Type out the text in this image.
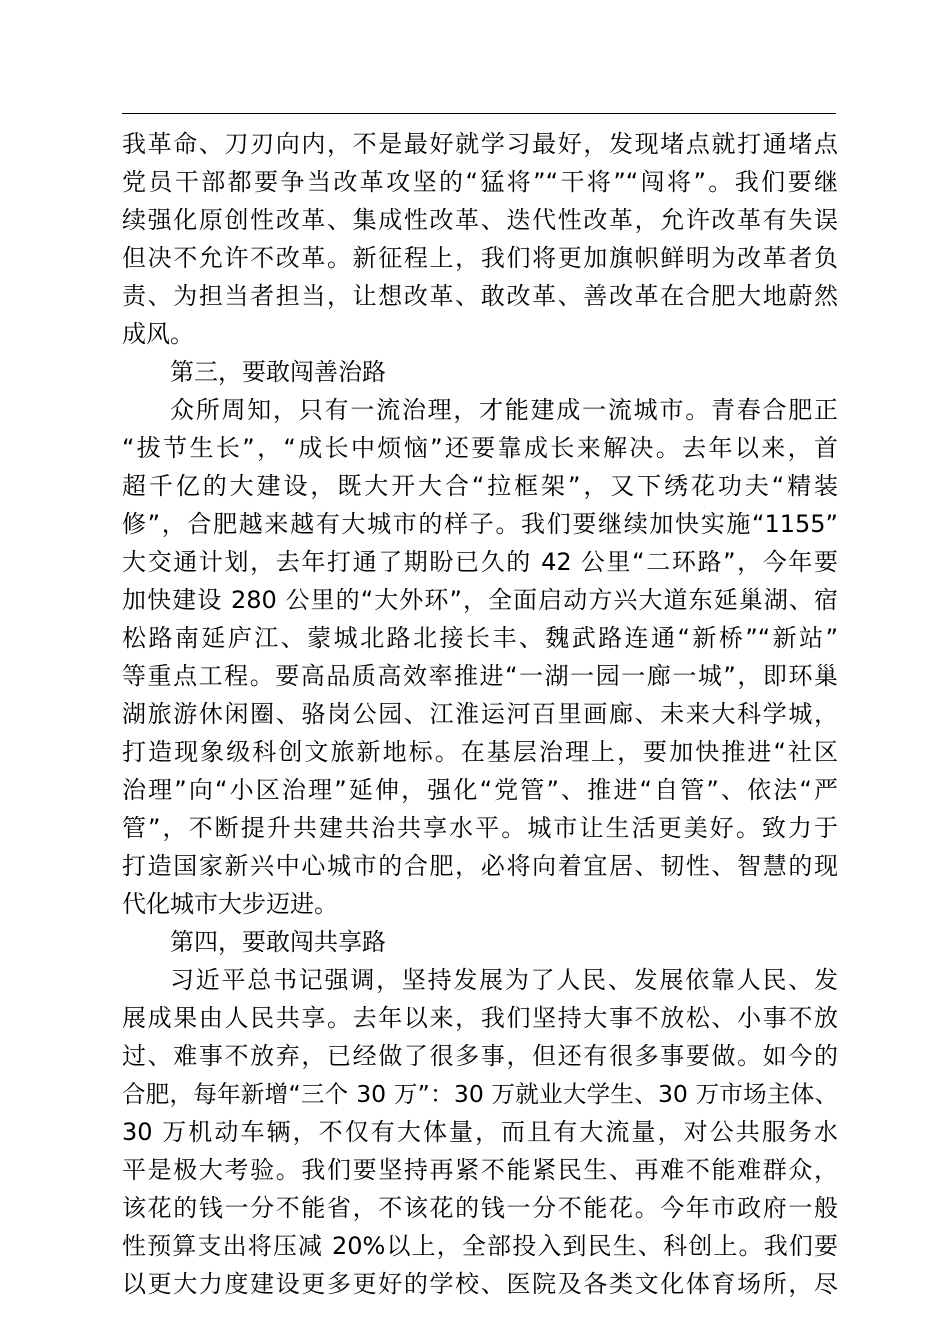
我革命、刀刃向内，不是最好就学习最好，发现堵点就打通堵点
党员干部都要争当改革攻坚的“猛将”“干将”“闯将”。我们要继
续强化原创性改革、集成性改革、迭代性改革，允许改革有失误
但决不允许不改革。新征程上，我们将更加旗帜鲜明为改革者负
责、为担当者担当，让想改革、敢改革、善改革在合肥大地蔚然
成风。
第三，要敢闯善治路
众所周知，只有一流治理，才能建成一流城市。青春合肥正
“拔节生长”，“成长中烦恼”还要靠成长来解决。去年以来，首
超千亿的大建设，既大开大合“拉框架”，又下绣花功夫“精装
修”，合肥越来越有大城市的样子。我们要继续加快实施“1155”
大交通计划，去年打通了期盼已久的 42 公里“二环路”，今年要
加快建设 280 公里的“大外环”，全面启动方兴大道东延巢湖、宿
松路南延庐江、蒙城北路北接长丰、魏武路连通“新桥”“新站”
等重点工程。要高品质高效率推进“一湖一园一廊一城”，即环巢
湖旅游休闲圈、骆岗公园、江淮运河百里画廊、未来大科学城，
打造现象级科创文旅新地标。在基层治理上，要加快推进“社区
治理”向“小区治理”延伸，强化“党管”、推进“自管”、依法“严
管”，不断提升共建共治共享水平。城市让生活更美好。致力于
打造国家新兴中心城市的合肥，必将向着宜居、韧性、智慧的现
代化城市大步迈进。
第四，要敢闯共享路
习近平总书记强调，坚持发展为了人民、发展依靠人民、发
展成果由人民共享。去年以来，我们坚持大事不放松、小事不放
过、难事不放弃，已经做了很多事，但还有很多事要做。如今的
合肥，每年新增“三个 30 万”：30 万就业大学生、30 万市场主体、
30 万机动车辆，不仅有大体量，而且有大流量，对公共服务水
平是极大考验。我们要坚持再紧不能紧民生、再难不能难群众，
该花的钱一分不能省，不该花的钱一分不能花。今年市政府一般
性预算支出将压减 20%以上，全部投入到民生、科创上。我们要
以更大力度建设更多更好的学校、医院及各类文化体育场所，尽
